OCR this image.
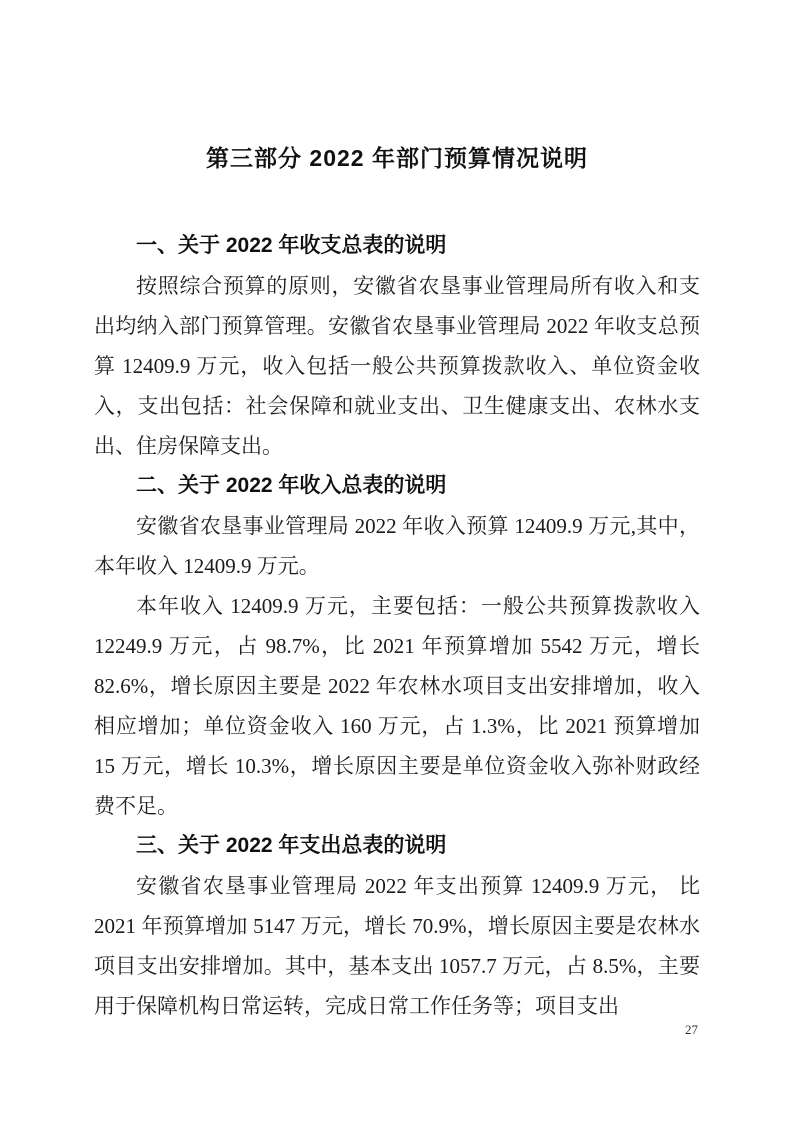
第三部分 2022 年部门预算情况说明
一、关于 2022 年收支总表的说明

按照综合预算的原则，安徽省农垦事业管理局所有收入和支出均纳入部门预算管理。安徽省农垦事业管理局 2022 年收支总预算 12409.9 万元，收入包括一般公共预算拨款收入、单位资金收入，支出包括：社会保障和就业支出、卫生健康支出、农林水支出、住房保障支出。

二、关于 2022 年收入总表的说明

安徽省农垦事业管理局 2022 年收入预算 12409.9 万元,其中，本年收入 12409.9 万元。

本年收入 12409.9 万元，主要包括：一般公共预算拨款收入 12249.9 万元，占 98.7%，比 2021 年预算增加 5542 万元，增长 82.6%，增长原因主要是 2022 年农林水项目支出安排增加，收入相应增加；单位资金收入 160 万元，占 1.3%，比 2021 预算增加 15 万元，增长 10.3%，增长原因主要是单位资金收入弥补财政经费不足。

三、关于 2022 年支出总表的说明

安徽省农垦事业管理局 2022 年支出预算 12409.9 万元， 比 2021 年预算增加 5147 万元，增长 70.9%，增长原因主要是农林水项目支出安排增加。其中，基本支出 1057.7 万元，占 8.5%，主要用于保障机构日常运转，完成日常工作任务等；项目支出

27
